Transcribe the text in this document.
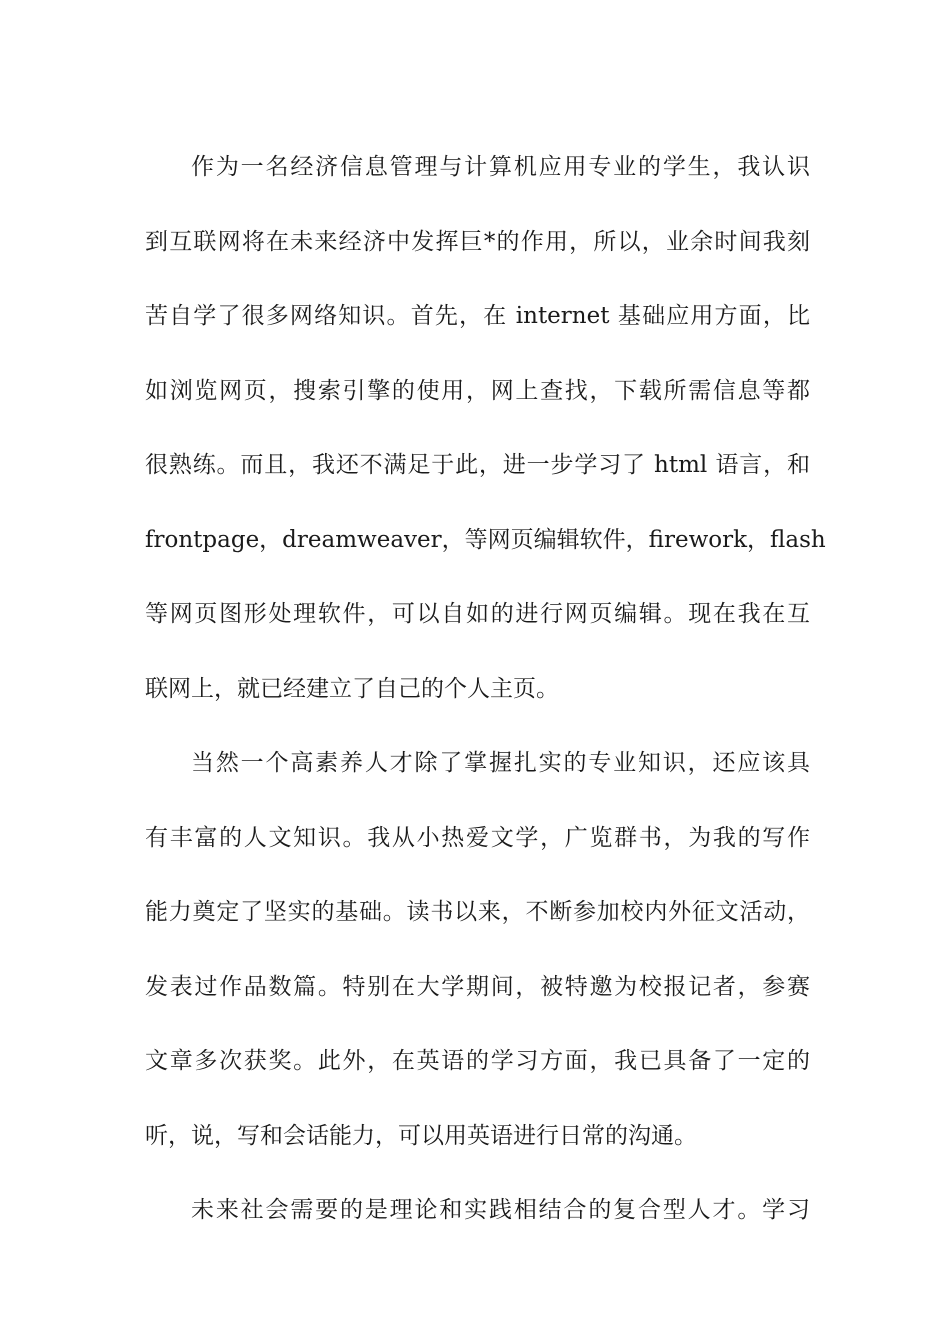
作为一名经济信息管理与计算机应用专业的学生，我认识
到互联网将在未来经济中发挥巨*的作用，所以，业余时间我刻
苦自学了很多网络知识。首先，在 internet 基础应用方面，比
如浏览网页，搜索引擎的使用，网上查找，下载所需信息等都
很熟练。而且，我还不满足于此，进一步学习了 html 语言，和
frontpage，dreamweaver，等网页编辑软件，firework，flash
等网页图形处理软件，可以自如的进行网页编辑。现在我在互
联网上，就已经建立了自己的个人主页。
当然一个高素养人才除了掌握扎实的专业知识，还应该具
有丰富的人文知识。我从小热爱文学，广览群书，为我的写作
能力奠定了坚实的基础。读书以来，不断参加校内外征文活动，
发表过作品数篇。特别在大学期间，被特邀为校报记者，参赛
文章多次获奖。此外，在英语的学习方面，我已具备了一定的
听，说，写和会话能力，可以用英语进行日常的沟通。
未来社会需要的是理论和实践相结合的复合型人才。学习
